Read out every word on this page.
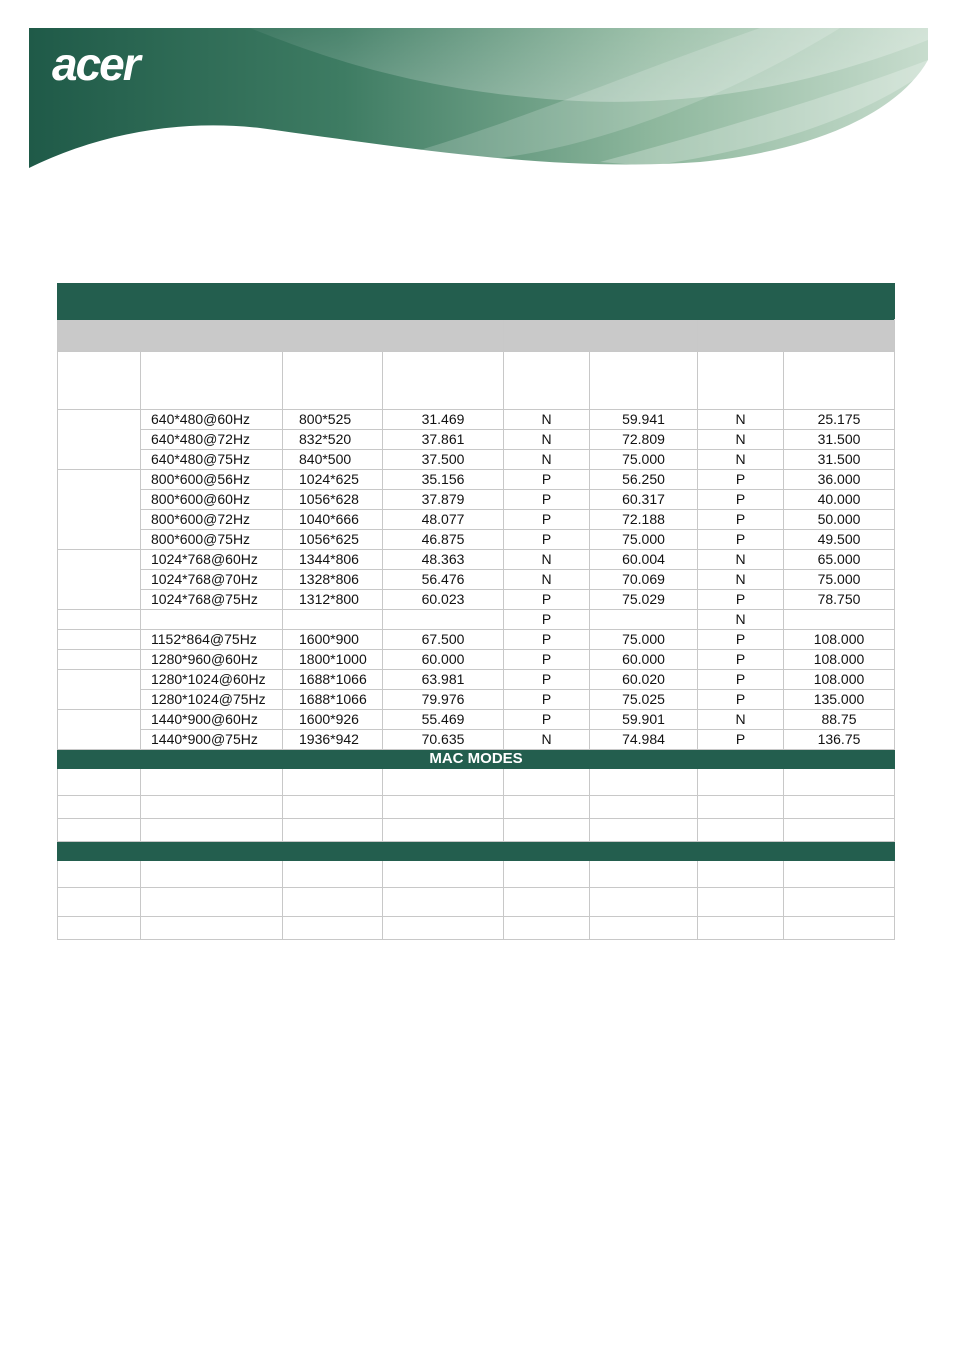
acer

	640*480@60Hz	800*525	31.469	N	59.941	N	25.175	
	640*480@72Hz	832*520	37.861	N	72.809	N	31.500	
	640*480@75Hz	840*500	37.500	N	75.000	N	31.500	
	800*600@56Hz	1024*625	35.156	P	56.250	P	36.000	
	800*600@60Hz	1056*628	37.879	P	60.317	P	40.000	
	800*600@72Hz	1040*666	48.077	P	72.188	P	50.000	
	800*600@75Hz	1056*625	46.875	P	75.000	P	49.500	
	1024*768@60Hz	1344*806	48.363	N	60.004	N	65.000	
	1024*768@70Hz	1328*806	56.476	N	70.069	N	75.000	
	1024*768@75Hz	1312*800	60.023	P	75.029	P	78.750	
				P		N		
	1152*864@75Hz	1600*900	67.500	P	75.000	P	108.000	
	1280*960@60Hz	1800*1000	60.000	P	60.000	P	108.000	
	1280*1024@60Hz	1688*1066	63.981	P	60.020	P	108.000	
	1280*1024@75Hz	1688*1066	79.976	P	75.025	P	135.000	
	1440*900@60Hz	1600*926	55.469	P	59.901	N	88.75	
	1440*900@75Hz	1936*942	70.635	N	74.984	P	136.75	
MAC MODES								
